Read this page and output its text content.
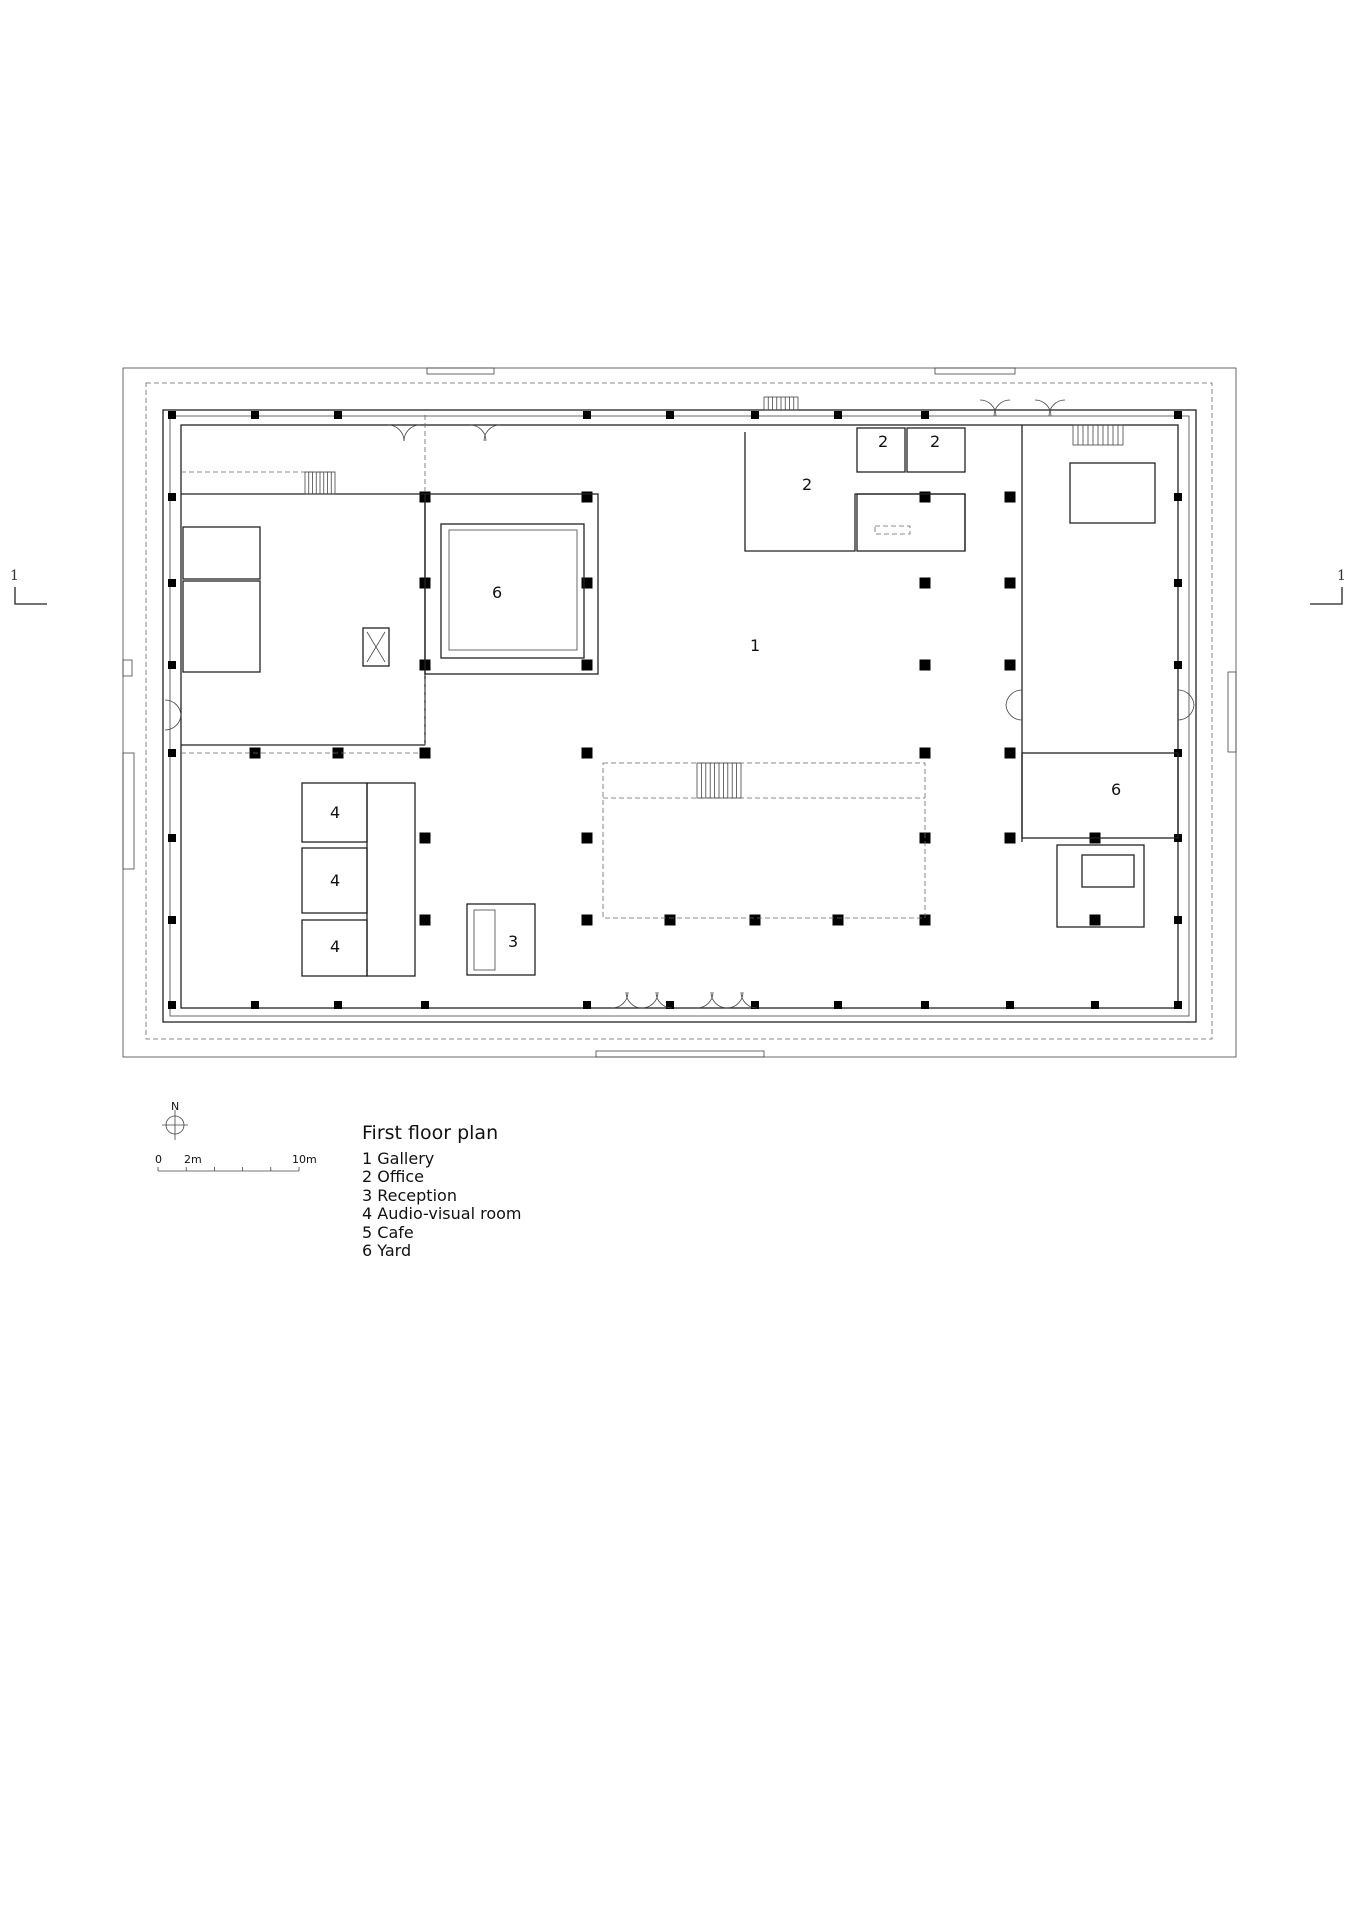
1	1
1
6
6
2
2	2
3
4
4
4
N
0 2m	10m
First floor plan
1 Gallery
2 Office
3 Reception
4 Audio-visual room
5 Cafe
6 Yard
